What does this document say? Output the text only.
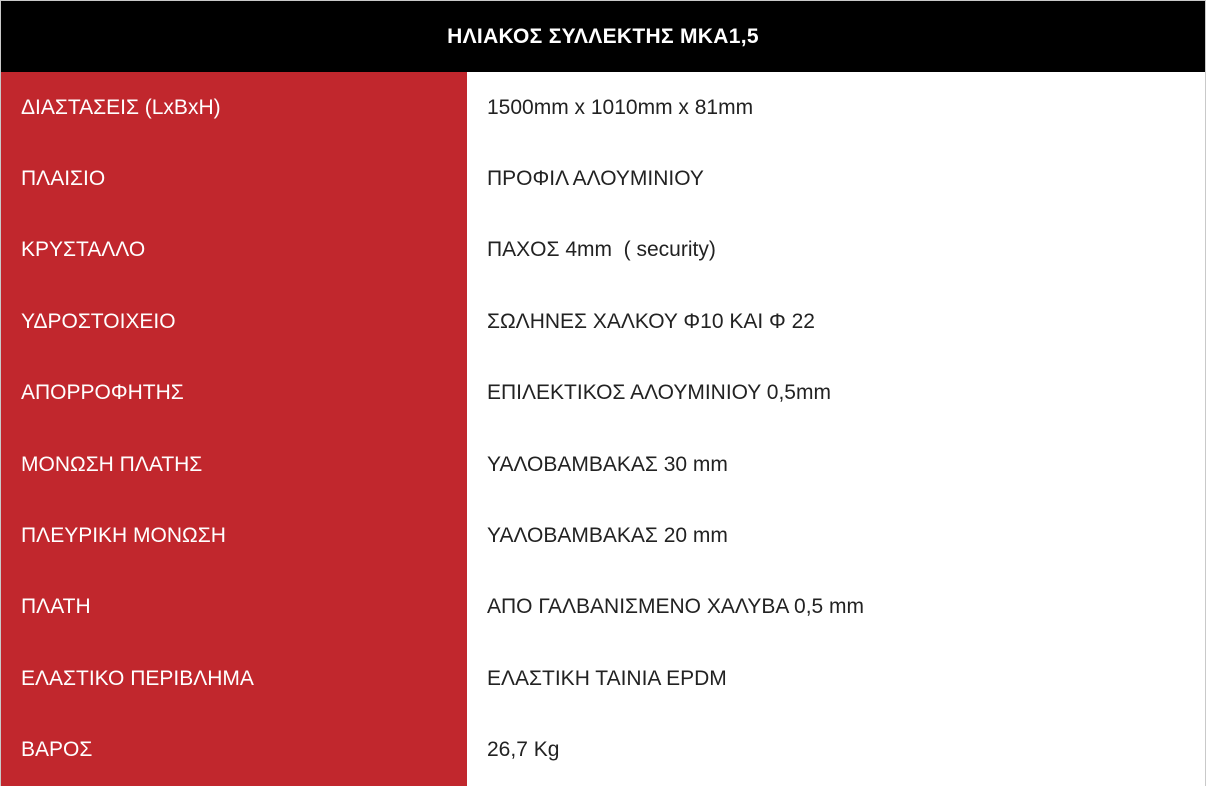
ΗΛΙΑΚΟΣ ΣΥΛΛΕΚΤΗΣ ΜΚΑ1,5
ΔΙΑΣΤΑΣΕΙΣ (LxBxH)	1500mm x 1010mm x 81mm
ΠΛΑΙΣΙΟ	ΠΡΟΦΙΛ ΑΛΟΥΜΙΝΙΟΥ
ΚΡΥΣΤΑΛΛΟ	ΠΑΧΟΣ 4mm  ( security)
ΥΔΡΟΣΤΟΙΧΕΙΟ	ΣΩΛΗΝΕΣ ΧΑΛΚΟΥ Φ10 ΚΑΙ Φ 22
ΑΠΟΡΡΟΦΗΤΗΣ	ΕΠΙΛΕΚΤΙΚΟΣ ΑΛΟΥΜΙΝΙΟΥ 0,5mm
ΜΟΝΩΣΗ ΠΛΑΤΗΣ	ΥΑΛΟΒΑΜΒΑΚΑΣ 30 mm
ΠΛΕΥΡΙΚΗ ΜΟΝΩΣΗ	ΥΑΛΟΒΑΜΒΑΚΑΣ 20 mm
ΠΛΑΤΗ	ΑΠΟ ΓΑΛΒΑΝΙΣΜΕΝΟ ΧΑΛΥΒΑ 0,5 mm
ΕΛΑΣΤΙΚΟ ΠΕΡΙΒΛΗΜΑ	ΕΛΑΣΤΙΚΗ ΤΑΙΝΙΑ EPDM
ΒΑΡΟΣ	26,7 Kg
